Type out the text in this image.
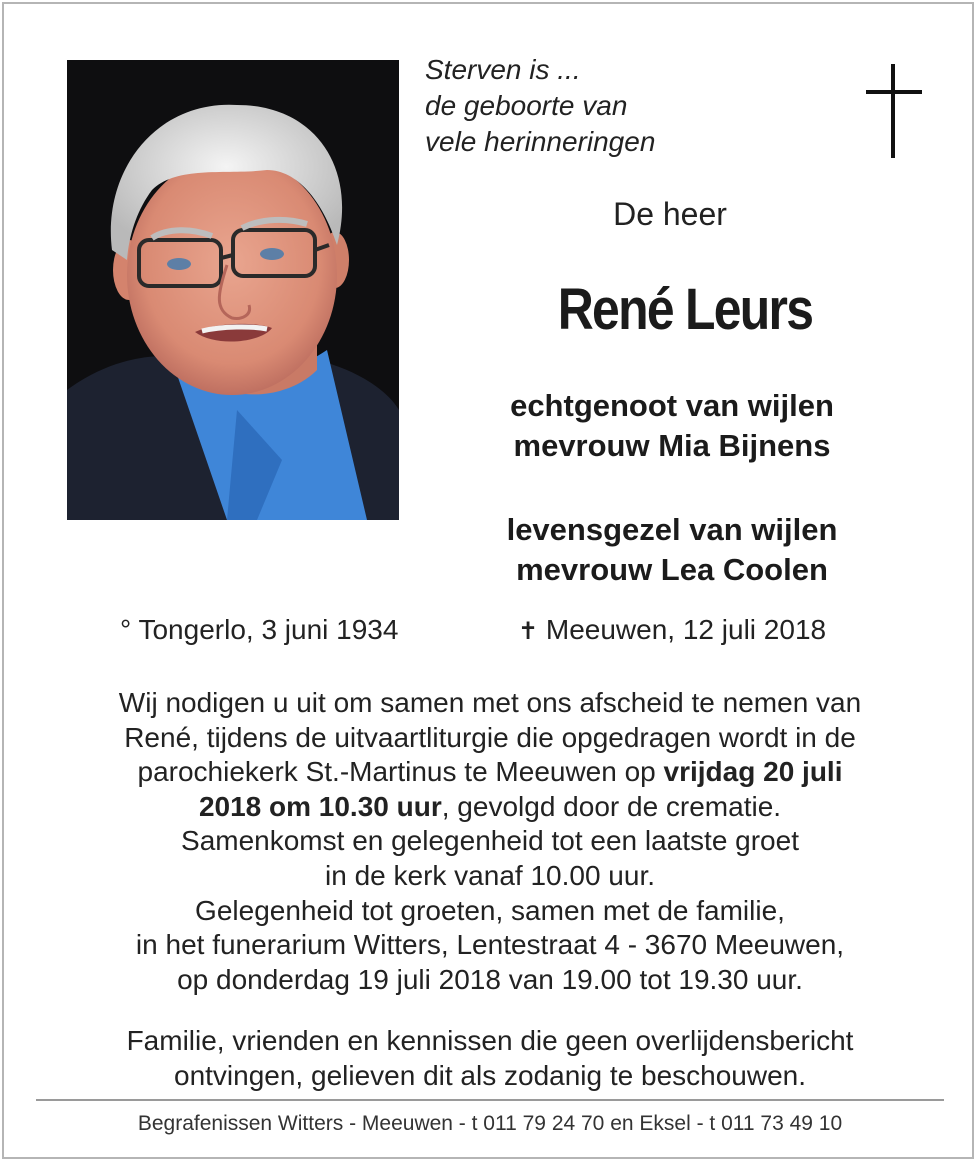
Sterven is ...
de geboorte van
vele herinneringen
De heer
René Leurs
echtgenoot van wijlen
mevrouw Mia Bijnens
levensgezel van wijlen
mevrouw Lea Coolen
° Tongerlo, 3 juni 1934	✝ Meeuwen, 12 juli 2018
Wij nodigen u uit om samen met ons afscheid te nemen van
René, tijdens de uitvaartliturgie die opgedragen wordt in de
parochiekerk St.-Martinus te Meeuwen op vrijdag 20 juli
2018 om 10.30 uur, gevolgd door de crematie.
Samenkomst en gelegenheid tot een laatste groet
in de kerk vanaf 10.00 uur.
Gelegenheid tot groeten, samen met de familie,
in het funerarium Witters, Lentestraat 4 - 3670 Meeuwen,
op donderdag 19 juli 2018 van 19.00 tot 19.30 uur.
Familie, vrienden en kennissen die geen overlijdensbericht
ontvingen, gelieven dit als zodanig te beschouwen.
Begrafenissen Witters - Meeuwen - t 011 79 24 70 en Eksel - t 011 73 49 10
